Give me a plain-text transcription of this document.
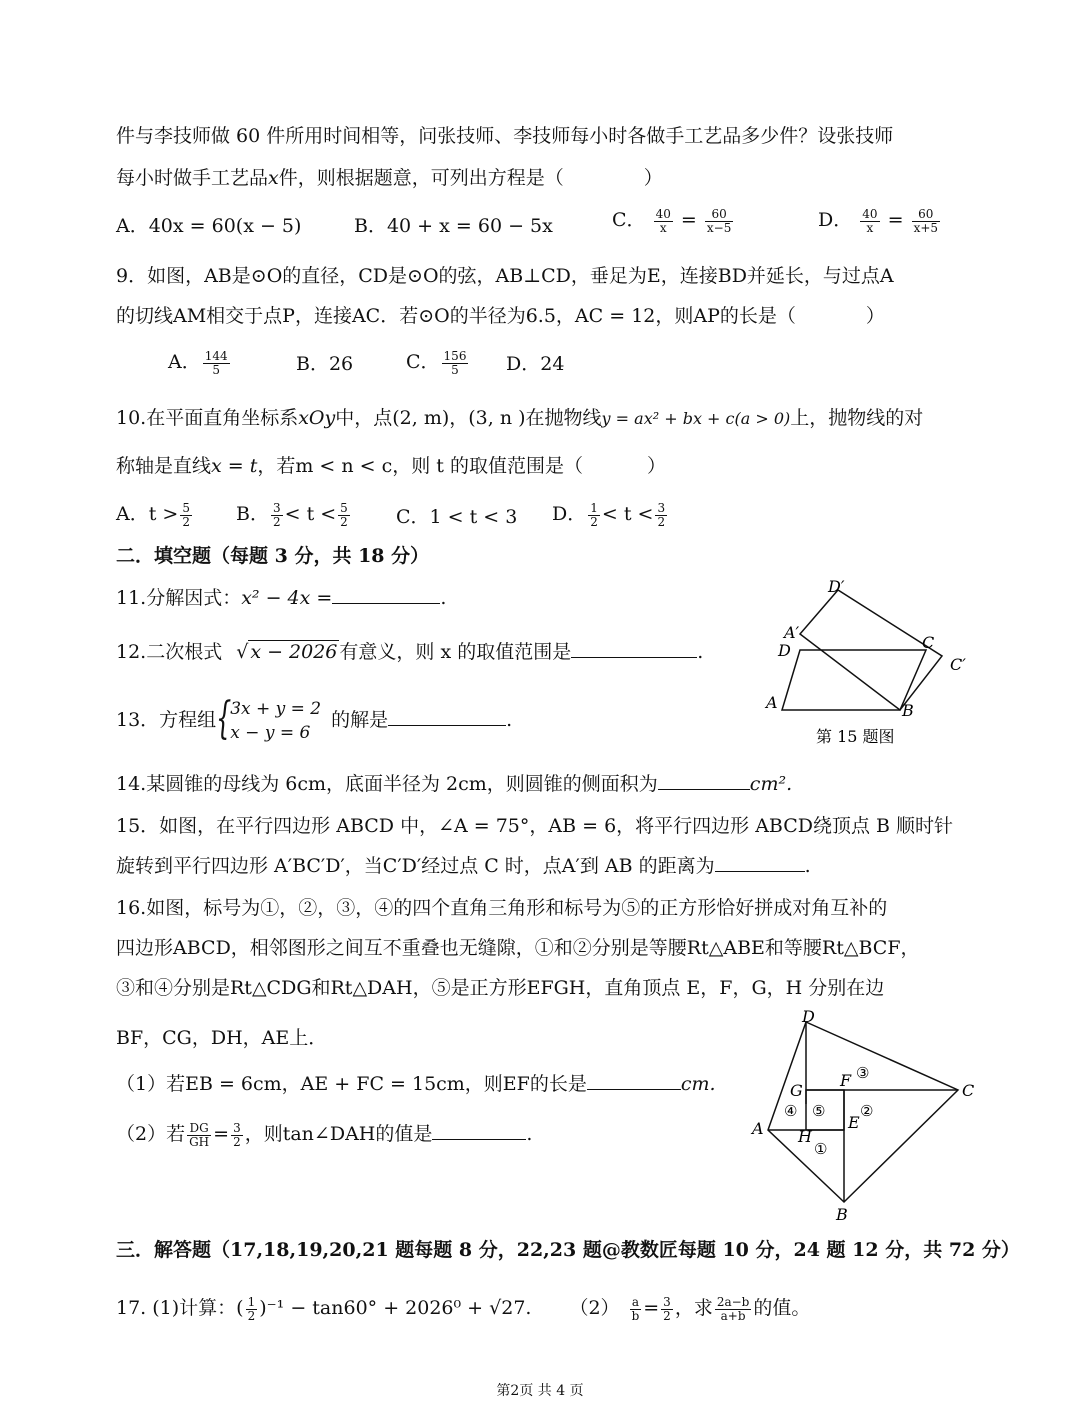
件与李技师做 60 件所用时间相等，问张技师、李技师每小时各做手工艺品多少件？设张技师
每小时做手工艺品x件，则根据题意，可列出方程是（	）
A．40x = 60(x − 5)	B．40 + x = 60 − 5x	C． $\frac{40}{x} = \frac{60}{x-5}$	D． $\frac{40}{x} = \frac{60}{x+5}$
9．如图，AB是⊙O的直径，CD是⊙O的弦，AB⊥CD，垂足为E，连接BD并延长，与过点A
的切线AM相交于点P，连接AC．若⊙O的半径为6.5，AC = 12，则AP的长是（	）
A． $\frac{144}{5}$	B．26	C． $\frac{156}{5}$ D．24
10.在平面直角坐标系xOy中，点(2, m)，(3, n )在抛物线y = ax² + bx + c(a > 0)上，抛物线的对
称轴是直线x = t，若m < n < c，则 t 的取值范围是（	）
A．$t > \frac{5}{2}$ B． $\frac{3}{2} < t < \frac{5}{2}$ C．1 < t < 3 D． $\frac{1}{2} < t < \frac{3}{2}$
二．填空题（每题 3 分，共 18 分）
11.分解因式：x² − 4x =	.
12.二次根式 √ x − 2026 有意义，则 x 的取值范围是	.
13．方程组 {
3x + y = 2
x − y = 6
的解是	.
14.某圆锥的母线为 6cm，底面半径为 2cm，则圆锥的侧面积为	cm².
15．如图，在平行四边形 ABCD 中，∠A = 75°，AB = 6，将平行四边形 ABCD绕顶点 B 顺时针
旋转到平行四边形 A′BC′D′，当C′D′经过点 C 时，点A′到 AB 的距离为	.
D′
A′
D	C
C′
A	B
第 15 题图
16.如图，标号为①，②，③，④的四个直角三角形和标号为⑤的正方形恰好拼成对角互补的
四边形ABCD，相邻图形之间互不重叠也无缝隙，①和②分别是等腰Rt△ABE和等腰Rt△BCF，
③和④分别是Rt△CDG和Rt△DAH，⑤是正方形EFGH，直角顶点 E，F，G，H 分别在边
BF，CG，DH，AE上．
（1）若EB = 6cm，AE + FC = 15cm，则EF的长是	cm.
（2）若 $\frac{DG}{GH} = \frac{3}{2}$ ，则tan∠DAH的值是	.
D
C
A
B
F
G
E
H
①
②
③
④ ⑤
三．解答题（17,18,19,20,21 题每题 8 分，22,23 题@教数匠每题 10 分，24 题 12 分，共 72 分）
17. (1)计算：( $\frac{1}{2} )^{-1} - \tan 60^\circ + 2026^0 + √27$. $(2) \frac{a}{b} = \frac{3}{2}$ ，求 $\frac{2a-b}{a+b}$ 的值。
第2页 共 4 页
